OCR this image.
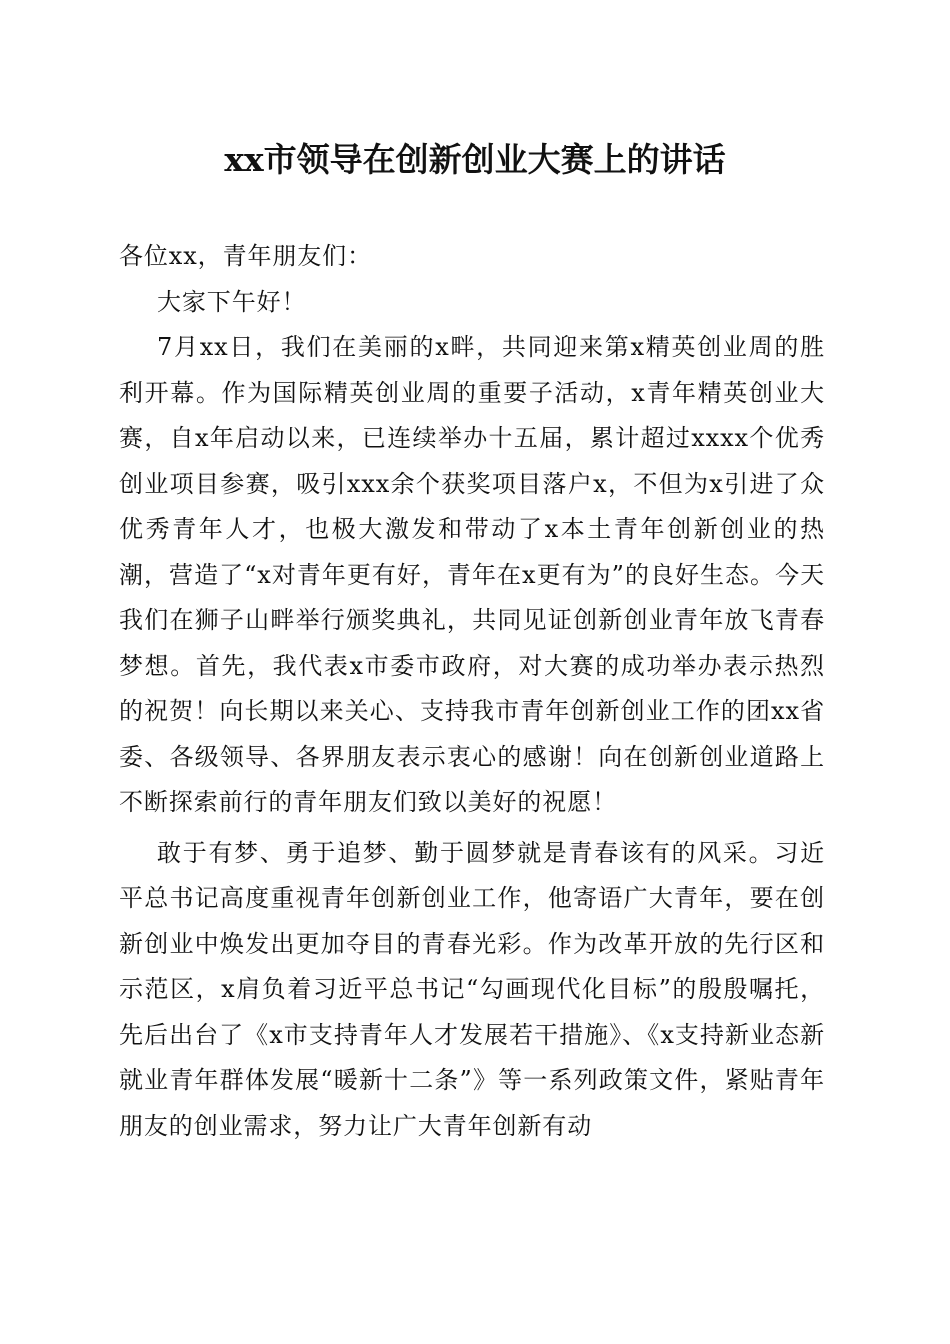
xx市领导在创新创业大赛上的讲话

各位xx，青年朋友们：

大家下午好！

7月xx日，我们在美丽的x畔，共同迎来第x精英创业周的胜利开幕。作为国际精英创业周的重要子活动，x青年精英创业大赛，自x年启动以来，已连续举办十五届，累计超过xxxx个优秀创业项目参赛，吸引xxx余个获奖项目落户x，不但为x引进了众优秀青年人才，也极大激发和带动了x本土青年创新创业的热潮，营造了“x对青年更有好，青年在x更有为”的良好生态。今天我们在狮子山畔举行颁奖典礼，共同见证创新创业青年放飞青春梦想。首先，我代表x市委市政府，对大赛的成功举办表示热烈的祝贺！向长期以来关心、支持我市青年创新创业工作的团xx省委、各级领导、各界朋友表示衷心的感谢！向在创新创业道路上不断探索前行的青年朋友们致以美好的祝愿！

敢于有梦、勇于追梦、勤于圆梦就是青春该有的风采。习近平总书记高度重视青年创新创业工作，他寄语广大青年，要在创新创业中焕发出更加夺目的青春光彩。作为改革开放的先行区和示范区，x肩负着习近平总书记“勾画现代化目标”的殷殷嘱托，先后出台了《x市支持青年人才发展若干措施》、《x支持新业态新就业青年群体发展“暖新十二条”》等一系列政策文件，紧贴青年朋友的创业需求，努力让广大青年创新有动
